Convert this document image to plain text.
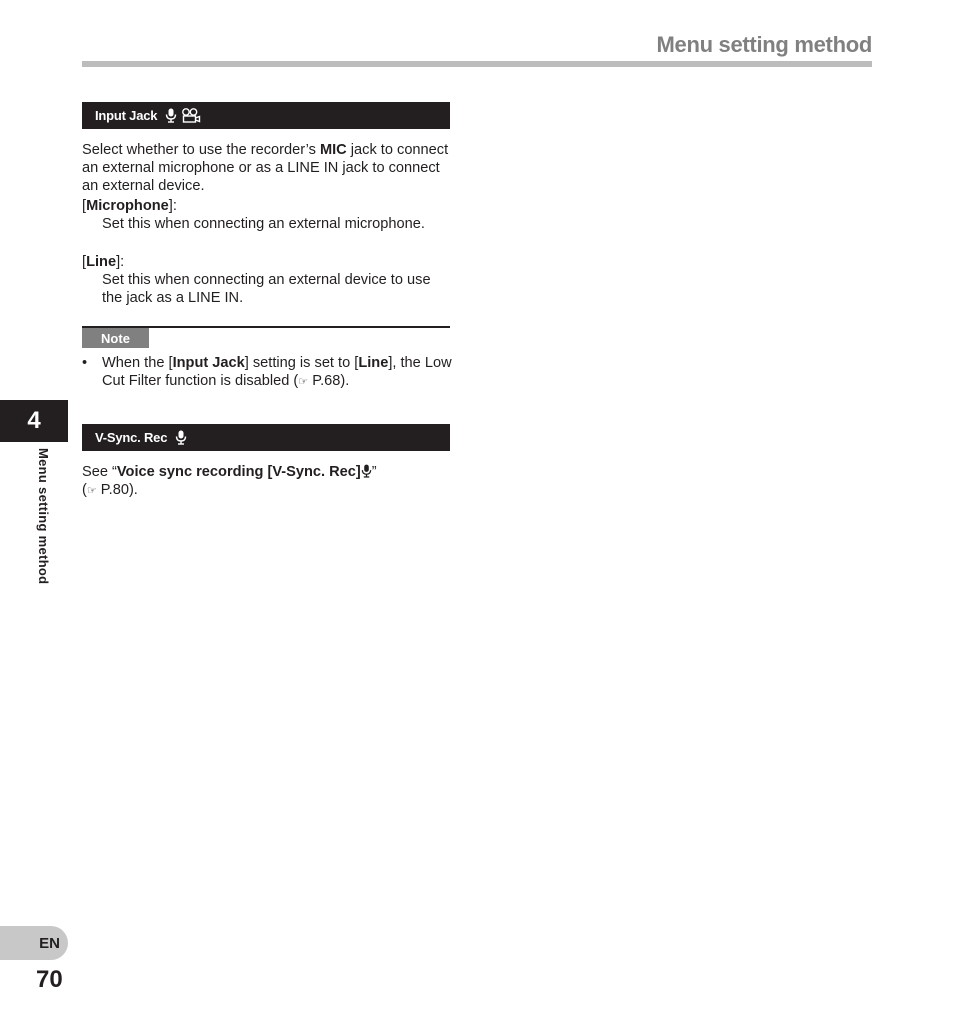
Menu setting method
Input Jack

Select whether to use the recorder’s MIC jack to connect an external microphone or as a LINE IN jack to connect an external device.

[Microphone]:
Set this when connecting an external microphone.
[Line]:
Set this when connecting an external device to use the jack as a LINE IN.
Note
•	When the [Input Jack] setting is set to [Line], the Low Cut Filter function is disabled (☞ P.68).
V-Sync. Rec

See “Voice sync recording [V-Sync. Rec] ”
(☞ P.80).

4
Menu setting method
EN
70
